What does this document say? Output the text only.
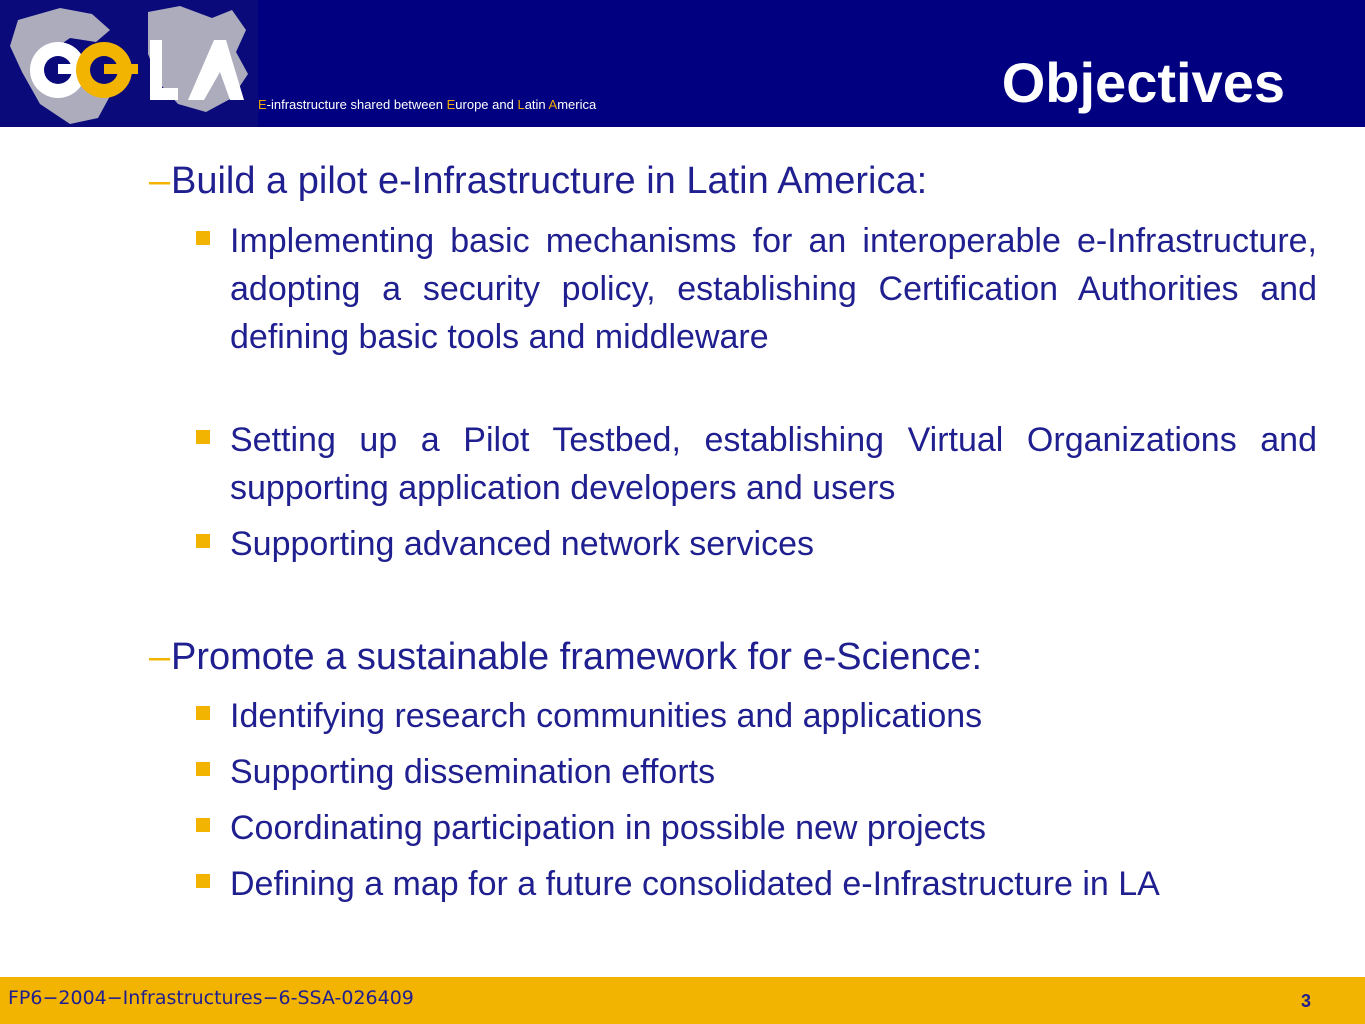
E-infrastructure shared between Europe and Latin America	Objectives
–Build a pilot e-Infrastructure in Latin America:
Implementing basic mechanisms for an interoperable e-Infrastructure, adopting a security policy, establishing Certification Authorities and defining basic tools and middleware
Setting up a Pilot Testbed, establishing Virtual Organizations and supporting application developers and users
Supporting advanced network services
–Promote a sustainable framework for e-Science:
Identifying research communities and applications
Supporting dissemination efforts
Coordinating participation in possible new projects
Defining a map for a future consolidated e-Infrastructure in LA
FP6−2004−Infrastructures−6-SSA-026409	3
